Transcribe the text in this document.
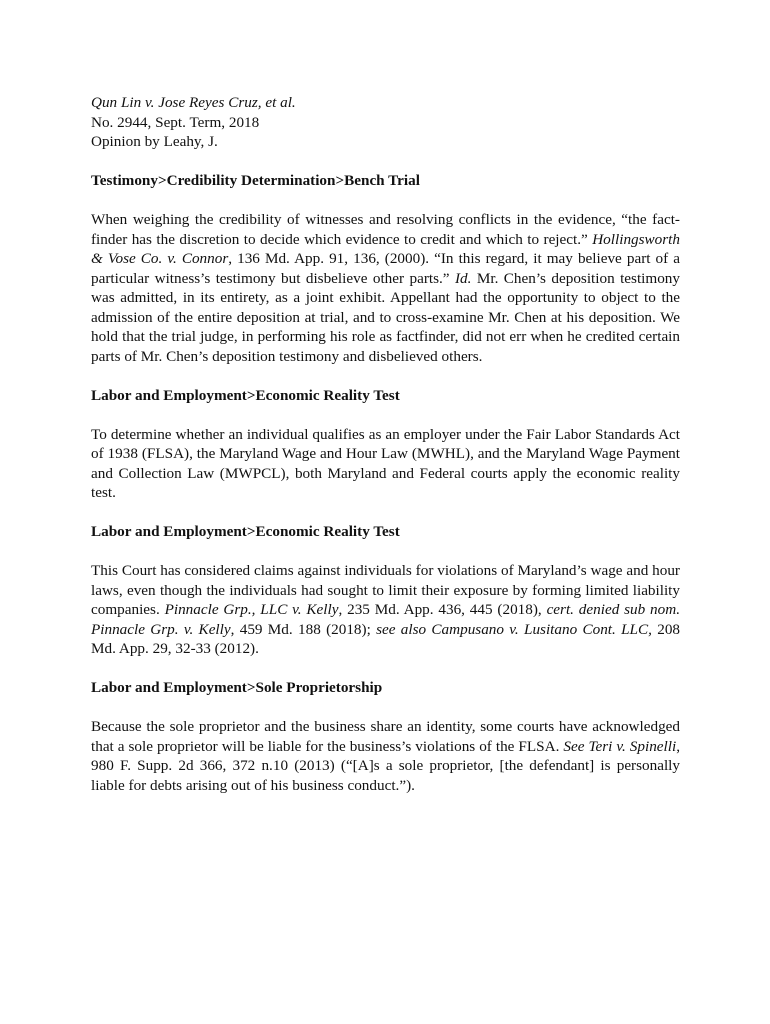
Qun Lin v. Jose Reyes Cruz, et al.

No. 2944, Sept. Term, 2018

Opinion by Leahy, J.

Testimony>Credibility Determination>Bench Trial

When weighing the credibility of witnesses and resolving conflicts in the evidence, “the fact-finder has the discretion to decide which evidence to credit and which to reject.” Hollingsworth & Vose Co. v. Connor, 136 Md. App. 91, 136, (2000). “In this regard, it may believe part of a particular witness’s testimony but disbelieve other parts.” Id. Mr. Chen’s deposition testimony was admitted, in its entirety, as a joint exhibit. Appellant had the opportunity to object to the admission of the entire deposition at trial, and to cross-examine Mr. Chen at his deposition. We hold that the trial judge, in performing his role as factfinder, did not err when he credited certain parts of Mr. Chen’s deposition testimony and disbelieved others.

Labor and Employment>Economic Reality Test

To determine whether an individual qualifies as an employer under the Fair Labor Standards Act of 1938 (FLSA), the Maryland Wage and Hour Law (MWHL), and the Maryland Wage Payment and Collection Law (MWPCL), both Maryland and Federal courts apply the economic reality test.

Labor and Employment>Economic Reality Test

This Court has considered claims against individuals for violations of Maryland’s wage and hour laws, even though the individuals had sought to limit their exposure by forming limited liability companies. Pinnacle Grp., LLC v. Kelly, 235 Md. App. 436, 445 (2018), cert. denied sub nom. Pinnacle Grp. v. Kelly, 459 Md. 188 (2018); see also Campusano v. Lusitano Cont. LLC, 208 Md. App. 29, 32-33 (2012).

Labor and Employment>Sole Proprietorship

Because the sole proprietor and the business share an identity, some courts have acknowledged that a sole proprietor will be liable for the business’s violations of the FLSA. See Teri v. Spinelli, 980 F. Supp. 2d 366, 372 n.10 (2013) (“[A]s a sole proprietor, [the defendant] is personally liable for debts arising out of his business conduct.”).
